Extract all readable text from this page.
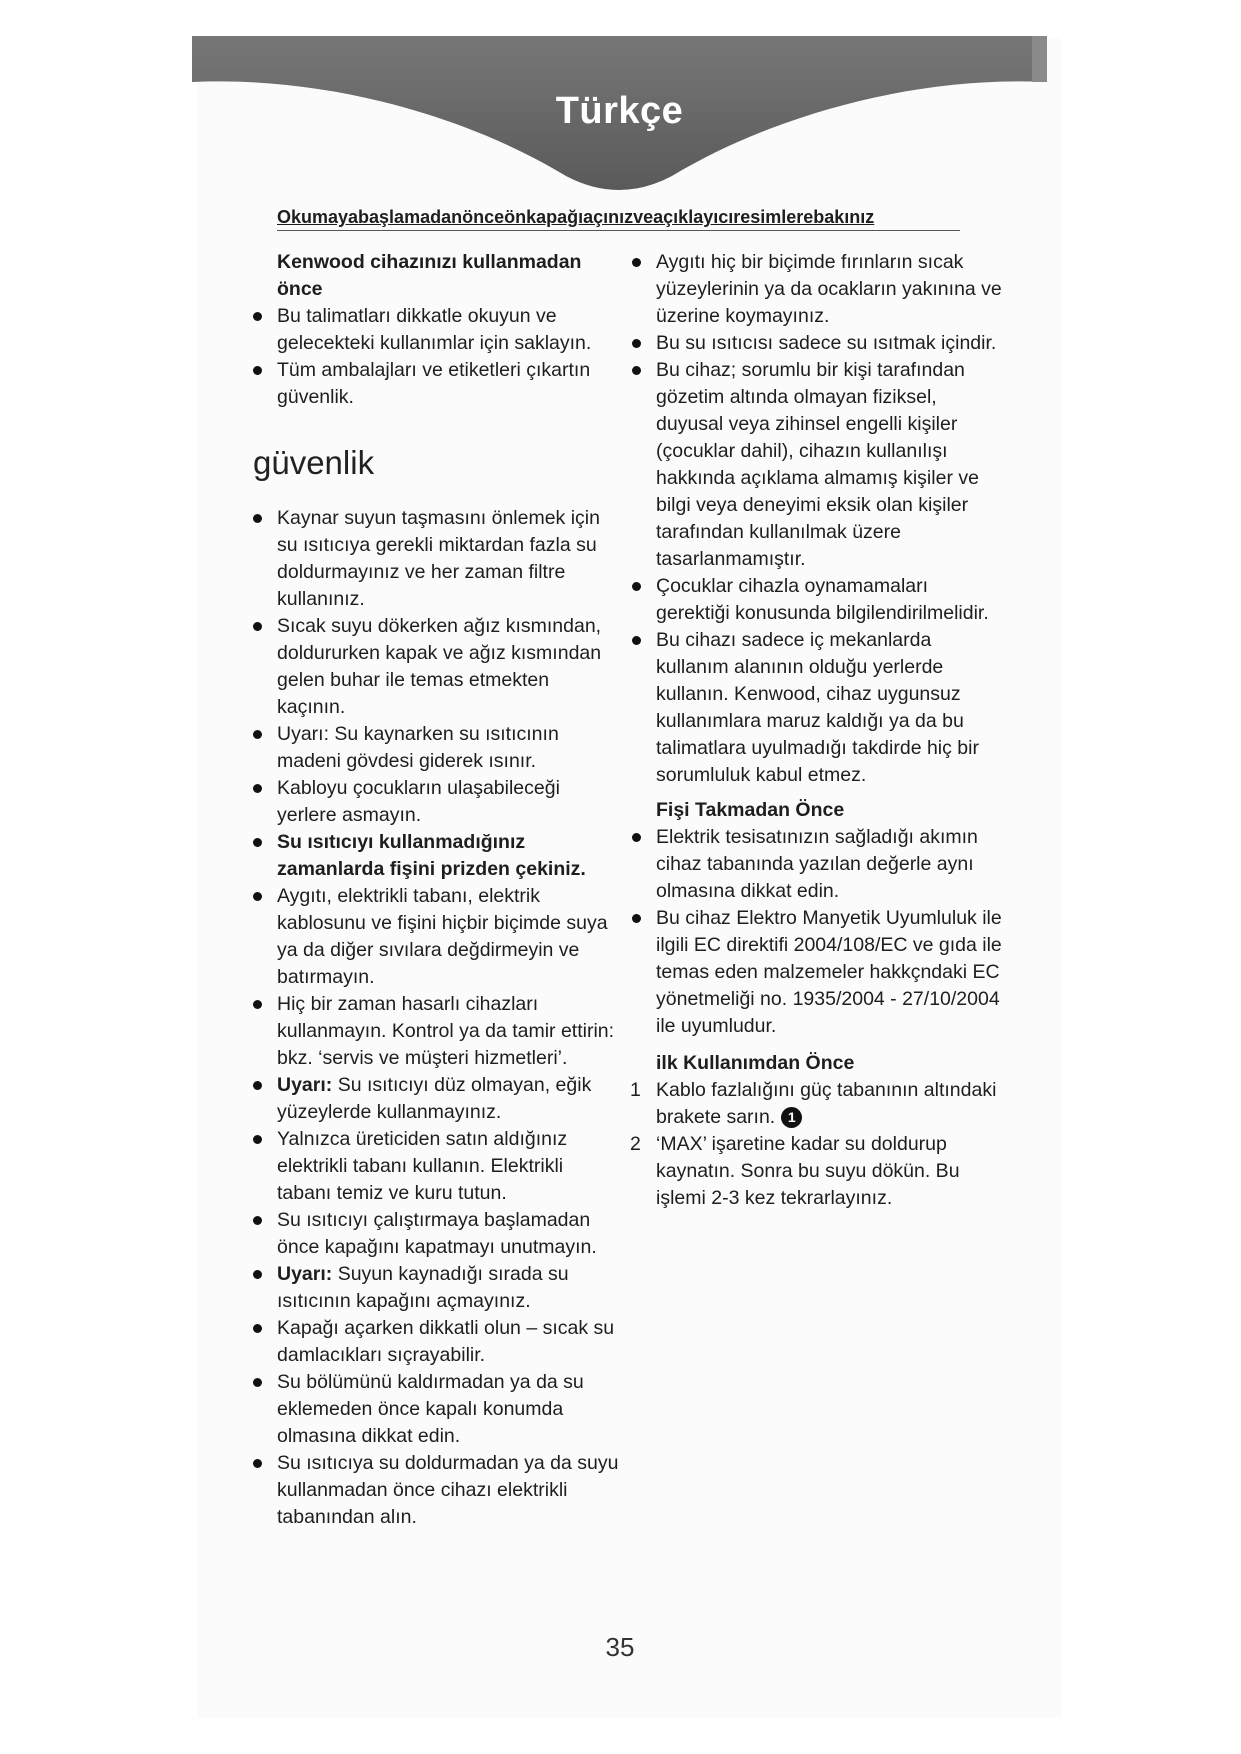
Türkçe
Okumayabaşlamadanönceönkapağıaçınızveaçıklayıcıresimlerebakınız
Kenwood cihazınızı kullanmadan önce
Bu talimatları dikkatle okuyun ve gelecekteki kullanımlar için saklayın.
Tüm ambalajları ve etiketleri çıkartın güvenlik.
güvenlik
Kaynar suyun taşmasını önlemek için su ısıtıcıya gerekli miktardan fazla su doldurmayınız ve her zaman filtre kullanınız.
Sıcak suyu dökerken ağız kısmından, doldururken kapak ve ağız kısmından gelen buhar ile temas etmekten kaçının.
Uyarı: Su kaynarken su ısıtıcının madeni gövdesi giderek ısınır.
Kabloyu çocukların ulaşabileceği yerlere asmayın.
Su ısıtıcıyı kullanmadığınız zamanlarda fişini prizden çekiniz.
Aygıtı, elektrikli tabanı, elektrik kablosunu ve fişini hiçbir biçimde suya ya da diğer sıvılara değdirmeyin ve batırmayın.
Hiç bir zaman hasarlı cihazları kullanmayın. Kontrol ya da tamir ettirin: bkz. ‘servis ve müşteri hizmetleri’.
Uyarı: Su ısıtıcıyı düz olmayan, eğik yüzeylerde kullanmayınız.
Yalnızca üreticiden satın aldığınız elektrikli tabanı kullanın. Elektrikli tabanı temiz ve kuru tutun.
Su ısıtıcıyı çalıştırmaya başlamadan önce kapağını kapatmayı unutmayın.
Uyarı: Suyun kaynadığı sırada su ısıtıcının kapağını açmayınız.
Kapağı açarken dikkatli olun – sıcak su damlacıkları sıçrayabilir.
Su bölümünü kaldırmadan ya da su eklemeden önce kapalı konumda olmasına dikkat edin.
Su ısıtıcıya su doldurmadan ya da suyu kullanmadan önce cihazı elektrikli tabanından alın.
Aygıtı hiç bir biçimde fırınların sıcak yüzeylerinin ya da ocakların yakınına ve üzerine koymayınız.
Bu su ısıtıcısı sadece su ısıtmak içindir.
Bu cihaz; sorumlu bir kişi tarafından gözetim altında olmayan fiziksel, duyusal veya zihinsel engelli kişiler (çocuklar dahil), cihazın kullanılışı hakkında açıklama almamış kişiler ve bilgi veya deneyimi eksik olan kişiler tarafından kullanılmak üzere tasarlanmamıştır.
Çocuklar cihazla oynamamaları gerektiği konusunda bilgilendirilmelidir.
Bu cihazı sadece iç mekanlarda kullanım alanının olduğu yerlerde kullanın. Kenwood, cihaz uygunsuz kullanımlara maruz kaldığı ya da bu talimatlara uyulmadığı takdirde hiç bir sorumluluk kabul etmez.
Fişi Takmadan Önce
Elektrik tesisatınızın sağladığı akımın cihaz tabanında yazılan değerle aynı olmasına dikkat edin.
Bu cihaz Elektro Manyetik Uyumluluk ile ilgili EC direktifi 2004/108/EC ve gıda ile temas eden malzemeler hakkçndaki EC yönetmeliği no. 1935/2004 - 27/10/2004 ile uyumludur.
ilk Kullanımdan Önce
1 Kablo fazlalığını güç tabanının altındaki brakete sarın. 1
2 ‘MAX’ işaretine kadar su doldurup kaynatın. Sonra bu suyu dökün. Bu işlemi 2-3 kez tekrarlayınız.
35
